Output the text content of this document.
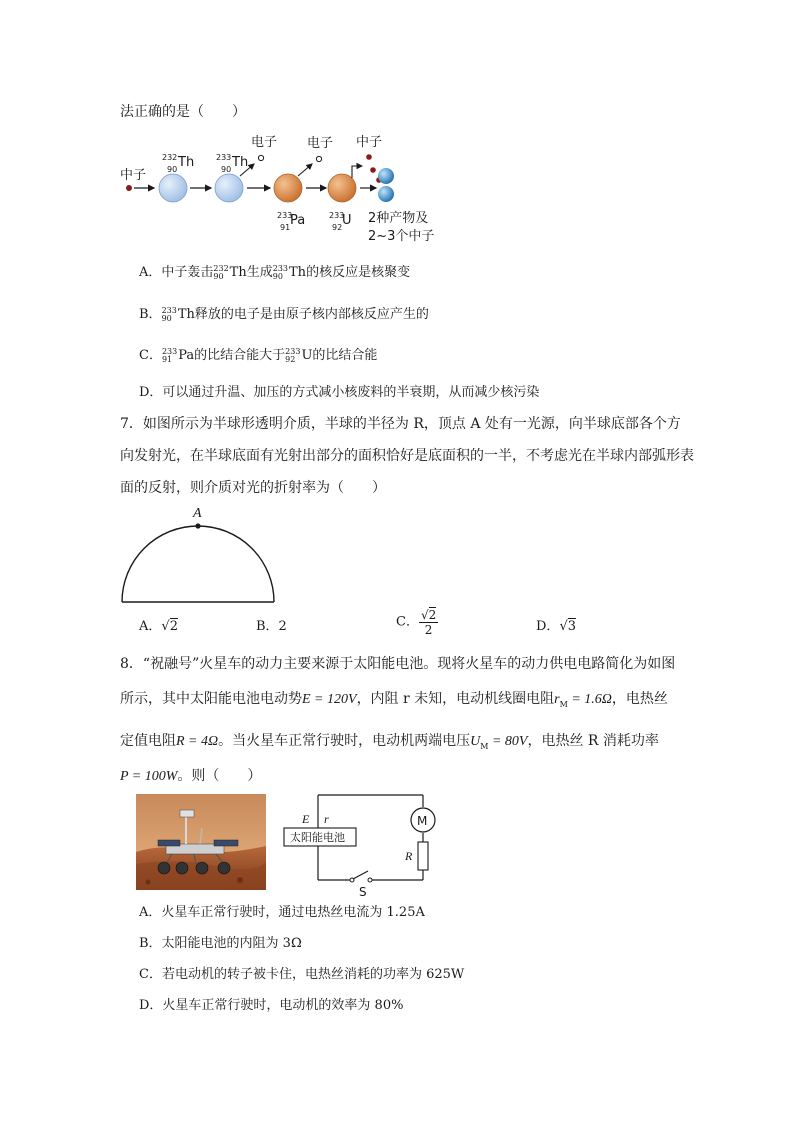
法正确的是（　　）
中子
232
90 Th	233
90 Th
电子
233
91 Pa
电子
233
92 U
中子
2种产物及
2~3个中子
A．中子轰击 232
90 Th生成 233
90 Th的核反应是核聚变
B． 233
90 Th释放的电子是由原子核内部核反应产生的
C． 233
91 Pa的比结合能大于 233
92 U的比结合能
D．可以通过升温、加压的方式减小核废料的半衰期，从而减少核污染
7．如图所示为半球形透明介质，半球的半径为 R，顶点 A 处有一光源，向半球底部各个方
向发射光，在半球底面有光射出部分的面积恰好是底面积的一半，不考虑光在半球内部弧形表
面的反射，则介质对光的折射率为（　　）
A
A．√2	B．2	C． $\frac{√2}{2}$	D．√3
8．“祝融号”火星车的动力主要来源于太阳能电池。现将火星车的动力供电电路简化为如图
所示，其中太阳能电池电动势E = 120V，内阻 r 未知，电动机线圈电阻$r_M = 1.6\Omega$，电热丝
定值电阻R = 4Ω。当火星车正常行驶时，电动机两端电压$U_M = 80V$，电热丝 R 消耗功率
P = 100W。则（　　）
太阳能电池
E r	M
R
S
A．火星车正常行驶时，通过电热丝电流为 1.25A
B．太阳能电池的内阻为 3Ω
C．若电动机的转子被卡住，电热丝消耗的功率为 625W
D．火星车正常行驶时，电动机的效率为 80%
